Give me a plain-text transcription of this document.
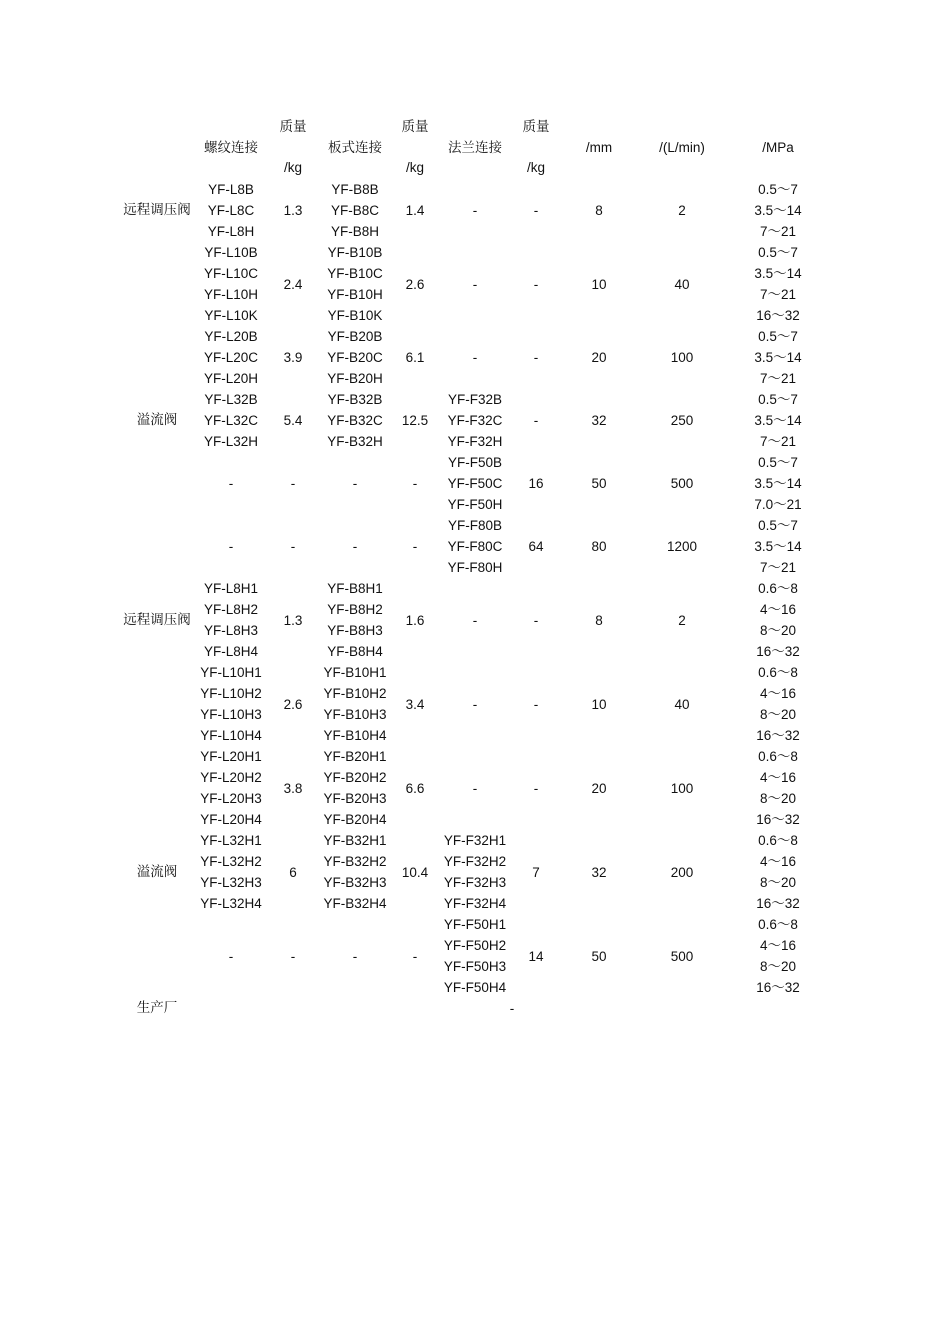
		质量		质量		质量			
	螺纹连接		板式连接		法兰连接		/mm	/(L/min)	/MPa
		/kg		/kg		/kg			
远程调压阀	YF-L8B	1.3	YF-B8B	1.4	-	-	8	2	0.5～7
	YF-L8C		YF-B8C						3.5～14
	YF-L8H		YF-B8H						7～21
	YF-L10B	2.4	YF-B10B	2.6	-	-	10	40	0.5～7
	YF-L10C		YF-B10C						3.5～14
	YF-L10H		YF-B10H						7～21
	YF-L10K		YF-B10K						16～32
	YF-L20B	3.9	YF-B20B	6.1	-	-	20	100	0.5～7
	YF-L20C		YF-B20C						3.5～14
	YF-L20H		YF-B20H						7～21
溢流阀	YF-L32B	5.4	YF-B32B	12.5	YF-F32B	-	32	250	0.5～7
	YF-L32C		YF-B32C		YF-F32C				3.5～14
	YF-L32H		YF-B32H		YF-F32H				7～21
	-	-	-	-	YF-F50B	16	50	500	0.5～7
					YF-F50C				3.5～14
					YF-F50H				7.0～21
	-	-	-	-	YF-F80B	64	80	1200	0.5～7
					YF-F80C				3.5～14
					YF-F80H				7～21
远程调压阀	YF-L8H1	1.3	YF-B8H1	1.6	-	-	8	2	0.6～8
	YF-L8H2		YF-B8H2						4～16
	YF-L8H3		YF-B8H3						8～20
	YF-L8H4		YF-B8H4						16～32
	YF-L10H1	2.6	YF-B10H1	3.4	-	-	10	40	0.6～8
	YF-L10H2		YF-B10H2						4～16
	YF-L10H3		YF-B10H3						8～20
	YF-L10H4		YF-B10H4						16～32
	YF-L20H1	3.8	YF-B20H1	6.6	-	-	20	100	0.6～8
	YF-L20H2		YF-B20H2						4～16
	YF-L20H3		YF-B20H3						8～20
	YF-L20H4		YF-B20H4						16～32
溢流阀	YF-L32H1	6	YF-B32H1	10.4	YF-F32H1	7	32	200	0.6～8
	YF-L32H2		YF-B32H2		YF-F32H2				4～16
	YF-L32H3		YF-B32H3		YF-F32H3				8～20
	YF-L32H4		YF-B32H4		YF-F32H4				16～32
	-	-	-	-	YF-F50H1	14	50	500	0.6～8
					YF-F50H2				4～16
					YF-F50H3				8～20
					YF-F50H4				16～32
生产厂	-								
